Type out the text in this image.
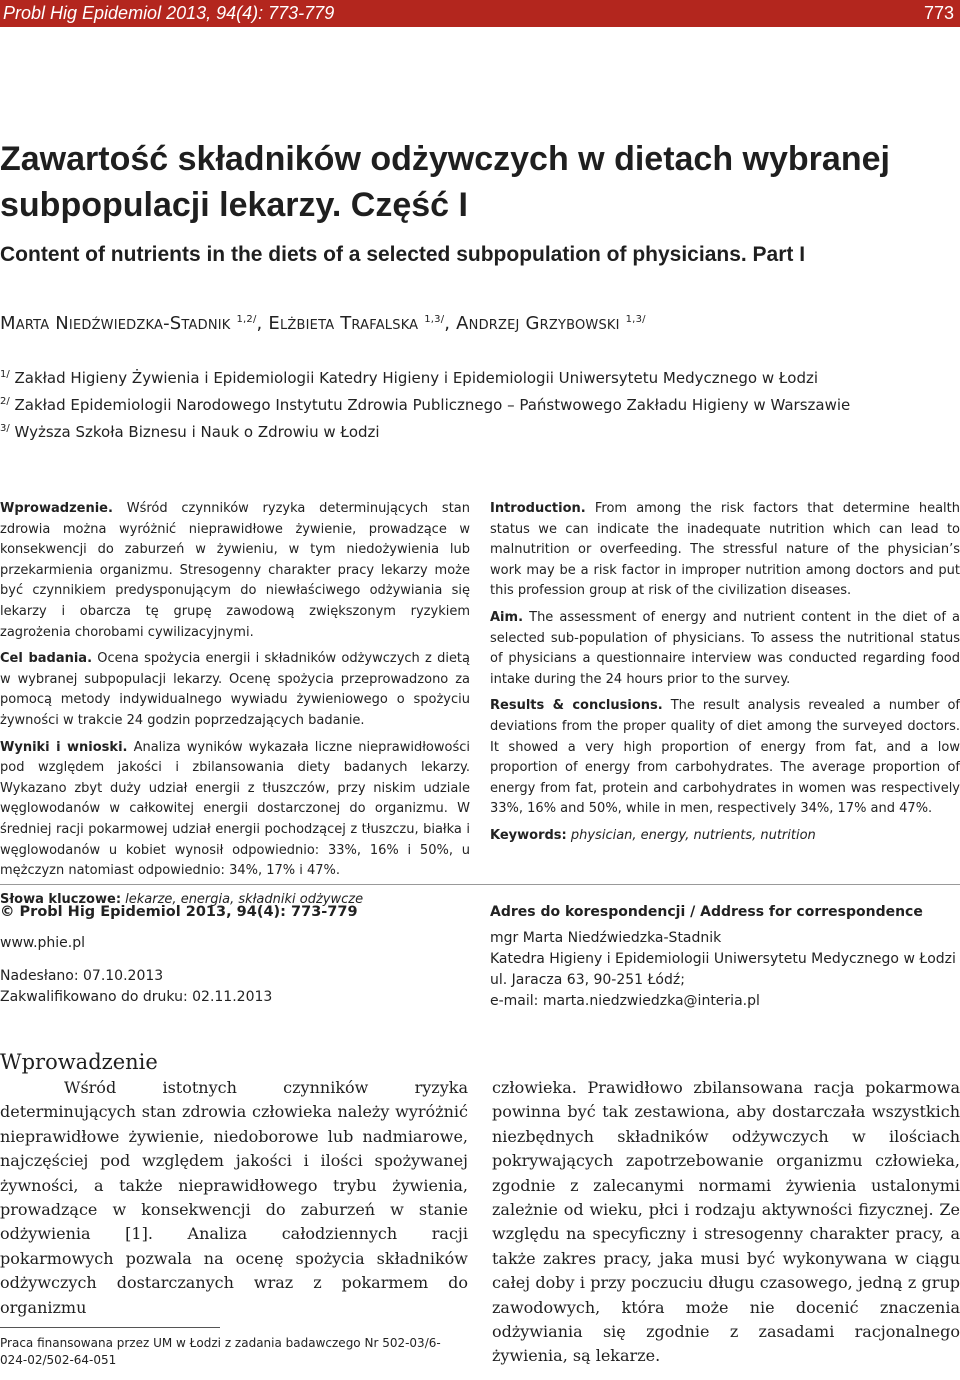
Probl Hig Epidemiol 2013, 94(4): 773-779	773
Zawartość składników odżywczych w dietach wybranej subpopulacji lekarzy. Część I
Content of nutrients in the diets of a selected subpopulation of physicians. Part I
Marta Niedźwiedzka-Stadnik $^{1,2/}$, Elżbieta Trafalska $^{1,3/}$, Andrzej Grzybowski $^{1,3/}$
$^{1/}$ Zakład Higieny Żywienia i Epidemiologii Katedry Higieny i Epidemiologii Uniwersytetu Medycznego w Łodzi
$^{2/}$ Zakład Epidemiologii Narodowego Instytutu Zdrowia Publicznego – Państwowego Zakładu Higieny w Warszawie
$^{3/}$ Wyższa Szkoła Biznesu i Nauk o Zdrowiu w Łodzi

Wprowadzenie. Wśród czynników ryzyka determinujących stan zdrowia można wyróżnić nieprawidłowe żywienie, prowadzące w konsekwencji do zaburzeń w żywieniu, w tym niedożywienia lub przekarmienia organizmu. Stresogenny charakter pracy lekarzy może być czynnikiem predysponującym do niewłaściwego odżywiania się lekarzy i obarcza tę grupę zawodową zwiększonym ryzykiem zagrożenia chorobami cywilizacyjnymi.

Cel badania. Ocena spożycia energii i składników odżywczych z dietą w wybranej subpopulacji lekarzy. Ocenę spożycia przeprowadzono za pomocą metody indywidualnego wywiadu żywieniowego o spożyciu żywności w trakcie 24 godzin poprzedzających badanie.

Wyniki i wnioski. Analiza wyników wykazała liczne nieprawidłowości pod względem jakości i zbilansowania diety badanych lekarzy. Wykazano zbyt duży udział energii z tłuszczów, przy niskim udziale węglowodanów w całkowitej energii dostarczonej do organizmu. W średniej racji pokarmowej udział energii pochodzącej z tłuszczu, białka i węglowodanów u kobiet wynosił odpowiednio: 33%, 16% i 50%, u mężczyzn natomiast odpowiednio: 34%, 17% i 47%.

Słowa kluczowe: lekarze, energia, składniki odżywcze

Introduction. From among the risk factors that determine health status we can indicate the inadequate nutrition which can lead to malnutrition or overfeeding. The stressful nature of the physician’s work may be a risk factor in improper nutrition among doctors and put this profession group at risk of the civilization diseases.

Aim. The assessment of energy and nutrient content in the diet of a selected sub-population of physicians. To assess the nutritional status of physicians a questionnaire interview was conducted regarding food intake during the 24 hours prior to the survey.

Results & conclusions. The result analysis revealed a number of deviations from the proper quality of diet among the surveyed doctors. It showed a very high proportion of energy from fat, and a low proportion of energy from carbohydrates. The average proportion of energy from fat, protein and carbohydrates in women was respectively 33%, 16% and 50%, while in men, respectively 34%, 17% and 47%.

Keywords: physician, energy, nutrients, nutrition

© Probl Hig Epidemiol 2013, 94(4): 773-779
www.phie.pl
Nadesłano: 07.10.2013
Zakwalifikowano do druku: 02.11.2013
Adres do korespondencji / Address for correspondence
mgr Marta Niedźwiedzka-Stadnik
Katedra Higieny i Epidemiologii Uniwersytetu Medycznego w Łodzi
ul. Jaracza 63, 90-251 Łódź;
e-mail: marta.niedzwiedzka@interia.pl
Wprowadzenie

Wśród istotnych czynników ryzyka determinujących stan zdrowia człowieka należy wyróżnić nieprawidłowe żywienie, niedoborowe lub nadmiarowe, najczęściej pod względem jakości i ilości spożywanej żywności, a także nieprawidłowego trybu żywienia, prowadzące w konsekwencji do zaburzeń w stanie odżywienia [1]. Analiza całodziennych racji pokarmowych pozwala na ocenę spożycia składników odżywczych dostarczanych wraz z pokarmem do organizmu

człowieka. Prawidłowo zbilansowana racja pokarmowa powinna być tak zestawiona, aby dostarczała wszystkich niezbędnych składników odżywczych w ilościach pokrywających zapotrzebowanie organizmu człowieka, zgodnie z zalecanymi normami żywienia ustalonymi zależnie od wieku, płci i rodzaju aktywności fizycznej. Ze względu na specyficzny i stresogenny charakter pracy, a także zakres pracy, jaka musi być wykonywana w ciągu całej doby i przy poczuciu długu czasowego, jedną z grup zawodowych, która może nie docenić znaczenia odżywiania się zgodnie z zasadami racjonalnego żywienia, są lekarze.

Praca finansowana przez UM w Łodzi z zadania badawczego Nr 502-03/6-024-02/502-64-051
